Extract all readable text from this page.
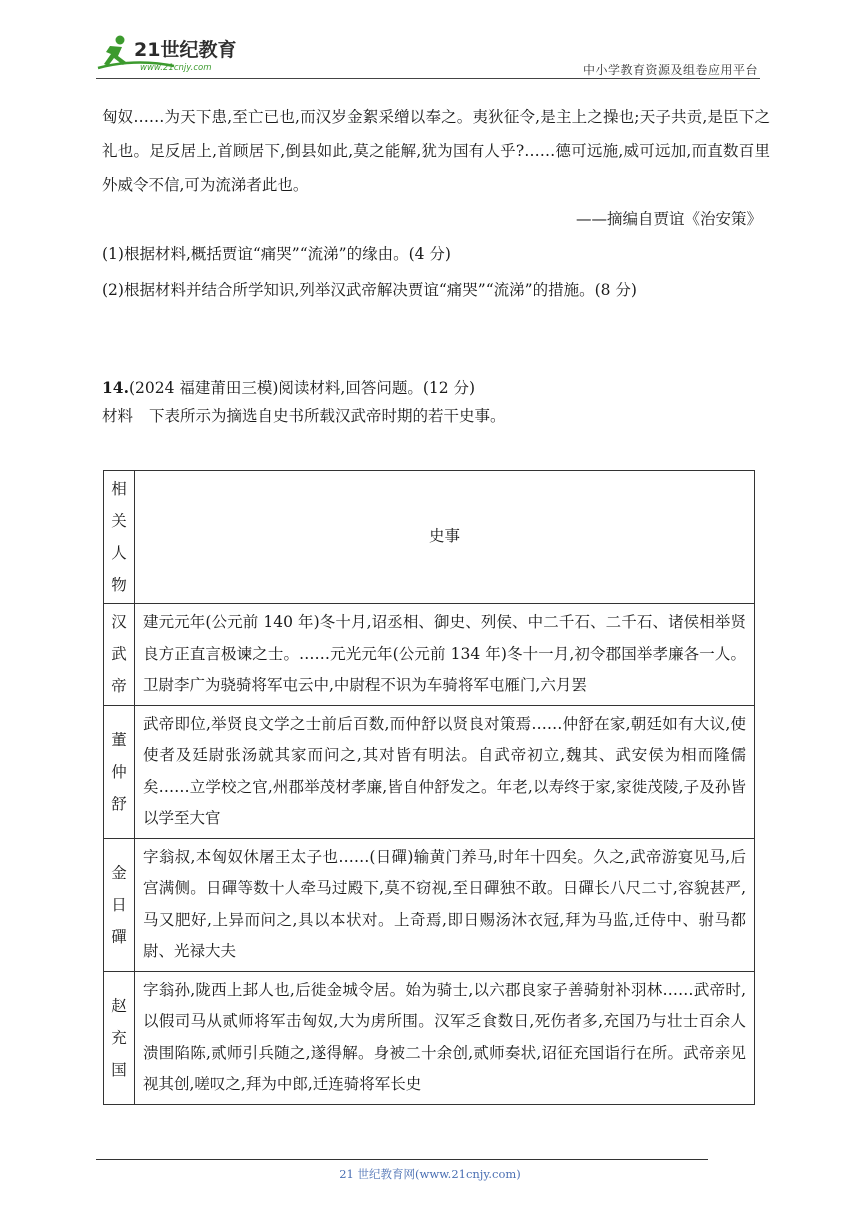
21世纪教育
www.21cnjy.com	中小学教育资源及组卷应用平台

匈奴……为天下患,至亡已也,而汉岁金絮采缯以奉之。夷狄征令,是主上之操也;天子共贡,是臣下之礼也。足反居上,首顾居下,倒县如此,莫之能解,犹为国有人乎?……德可远施,威可远加,而直数百里外威令不信,可为流涕者此也。

——摘编自贾谊《治安策》

(1)根据材料,概括贾谊“痛哭”“流涕”的缘由。(4 分)

(2)根据材料并结合所学知识,列举汉武帝解决贾谊“痛哭”“流涕”的措施。(8 分)

14.(2024 福建莆田三模)阅读材料,回答问题。(12 分)

材料 下表所示为摘选自史书所载汉武帝时期的若干史事。

相
关
人
物	史事

汉
武
帝	建元元年(公元前 140 年)冬十月,诏丞相、御史、列侯、中二千石、二千石、诸侯相举贤良方正直言极谏之士。……元光元年(公元前 134 年)冬十一月,初令郡国举孝廉各一人。卫尉李广为骁骑将军屯云中,中尉程不识为车骑将军屯雁门,六月罢

董
仲
舒	武帝即位,举贤良文学之士前后百数,而仲舒以贤良对策焉……仲舒在家,朝廷如有大议,使使者及廷尉张汤就其家而问之,其对皆有明法。自武帝初立,魏其、武安侯为相而隆儒矣……立学校之官,州郡举茂材孝廉,皆自仲舒发之。年老,以寿终于家,家徙茂陵,子及孙皆以学至大官

金
日
磾	字翁叔,本匈奴休屠王太子也……(日磾)输黄门养马,时年十四矣。久之,武帝游宴见马,后宫满侧。日磾等数十人牵马过殿下,莫不窃视,至日磾独不敢。日磾长八尺二寸,容貌甚严,马又肥好,上异而问之,具以本状对。上奇焉,即日赐汤沐衣冠,拜为马监,迁侍中、驸马都尉、光禄大夫

赵
充
国	字翁孙,陇西上邽人也,后徙金城令居。始为骑士,以六郡良家子善骑射补羽林……武帝时,以假司马从贰师将军击匈奴,大为虏所围。汉军乏食数日,死伤者多,充国乃与壮士百余人溃围陷陈,贰师引兵随之,遂得解。身被二十余创,贰师奏状,诏征充国诣行在所。武帝亲见视其创,嗟叹之,拜为中郎,迁连骑将军长史
21 世纪教育网(www.21cnjy.com)
